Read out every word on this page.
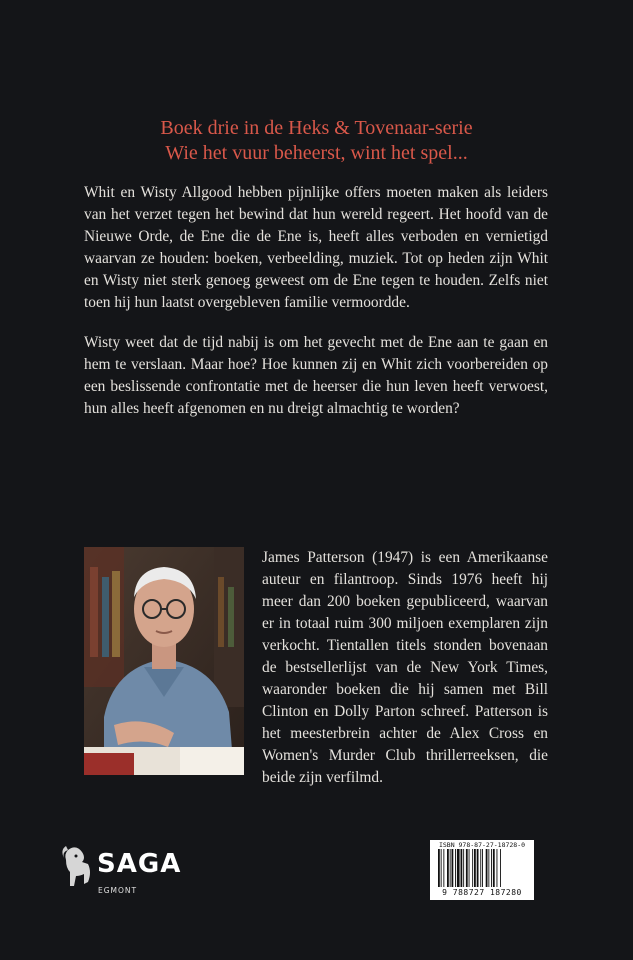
Boek drie in de Heks & Tovenaar-serie
Wie het vuur beheerst, wint het spel...

Whit en Wisty Allgood hebben pijnlijke offers moeten maken als leiders van het verzet tegen het bewind dat hun wereld regeert. Het hoofd van de Nieuwe Orde, de Ene die de Ene is, heeft alles verboden en vernietigd waarvan ze houden: boeken, verbeelding, muziek. Tot op heden zijn Whit en Wisty niet sterk genoeg geweest om de Ene tegen te houden. Zelfs niet toen hij hun laatst overgebleven familie vermoordde.

Wisty weet dat de tijd nabij is om het gevecht met de Ene aan te gaan en hem te verslaan. Maar hoe? Hoe kunnen zij en Whit zich voorbereiden op een beslissende confrontatie met de heerser die hun leven heeft verwoest, hun alles heeft afgenomen en nu dreigt almachtig te worden?

James Patterson (1947) is een Amerikaanse auteur en filantroop. Sinds 1976 heeft hij meer dan 200 boeken gepubliceerd, waarvan er in totaal ruim 300 miljoen exemplaren zijn verkocht. Tientallen titels stonden bovenaan de bestsellerlijst van de New York Times, waaronder boeken die hij samen met Bill Clinton en Dolly Parton schreef. Patterson is het meesterbrein achter de Alex Cross en Women's Murder Club thrillerreeksen, die beide zijn verfilmd.

SAGA
EGMONT
ISBN 978-87-27-18728-0
9 788727 187280
